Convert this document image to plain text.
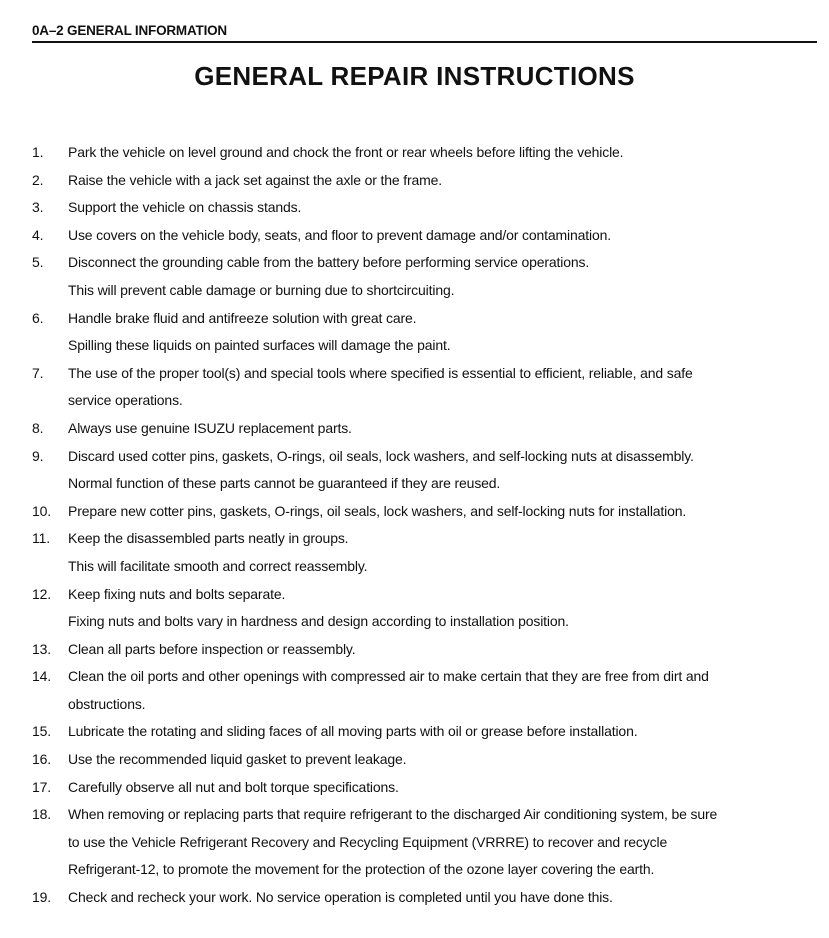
0A–2 GENERAL INFORMATION
GENERAL REPAIR INSTRUCTIONS
1. Park the vehicle on level ground and chock the front or rear wheels before lifting the vehicle.
2. Raise the vehicle with a jack set against the axle or the frame.
3. Support the vehicle on chassis stands.
4. Use covers on the vehicle body, seats, and floor to prevent damage and/or contamination.
5. Disconnect the grounding cable from the battery before performing service operations.
This will prevent cable damage or burning due to shortcircuiting.
6. Handle brake fluid and antifreeze solution with great care.
Spilling these liquids on painted surfaces will damage the paint.
7. The use of the proper tool(s) and special tools where specified is essential to efficient, reliable, and safe
service operations.
8. Always use genuine ISUZU replacement parts.
9. Discard used cotter pins, gaskets, O-rings, oil seals, lock washers, and self-locking nuts at disassembly.
Normal function of these parts cannot be guaranteed if they are reused.
10. Prepare new cotter pins, gaskets, O-rings, oil seals, lock washers, and self-locking nuts for installation.
11. Keep the disassembled parts neatly in groups.
This will facilitate smooth and correct reassembly.
12. Keep fixing nuts and bolts separate.
Fixing nuts and bolts vary in hardness and design according to installation position.
13. Clean all parts before inspection or reassembly.
14. Clean the oil ports and other openings with compressed air to make certain that they are free from dirt and
obstructions.
15. Lubricate the rotating and sliding faces of all moving parts with oil or grease before installation.
16. Use the recommended liquid gasket to prevent leakage.
17. Carefully observe all nut and bolt torque specifications.
18. When removing or replacing parts that require refrigerant to the discharged Air conditioning system, be sure
to use the Vehicle Refrigerant Recovery and Recycling Equipment (VRRRE) to recover and recycle
Refrigerant-12, to promote the movement for the protection of the ozone layer covering the earth.
19. Check and recheck your work. No service operation is completed until you have done this.
